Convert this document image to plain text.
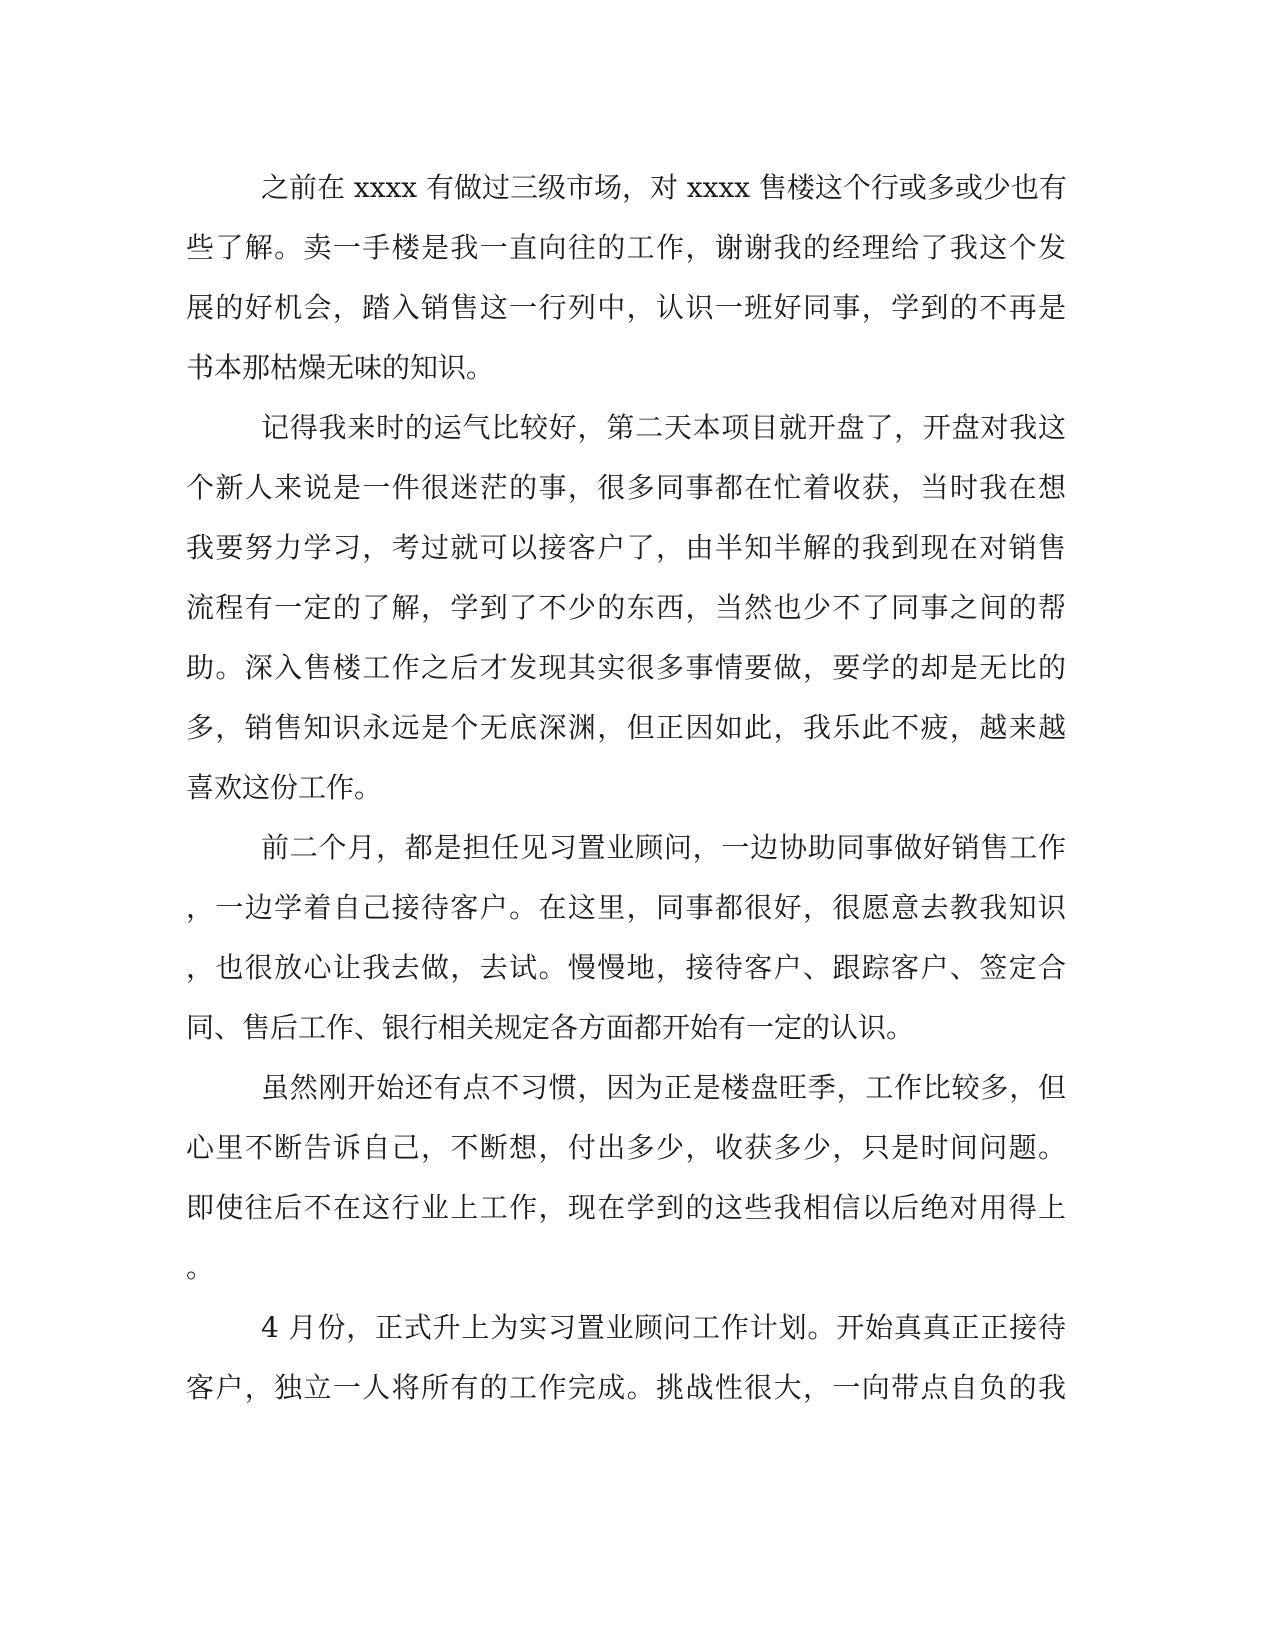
之前在 xxxx 有做过三级市场，对 xxxx 售楼这个行或多或少也有
些了解。卖一手楼是我一直向往的工作，谢谢我的经理给了我这个发
展的好机会，踏入销售这一行列中，认识一班好同事，学到的不再是
书本那枯燥无味的知识。
记得我来时的运气比较好，第二天本项目就开盘了，开盘对我这
个新人来说是一件很迷茫的事，很多同事都在忙着收获，当时我在想
我要努力学习，考过就可以接客户了，由半知半解的我到现在对销售
流程有一定的了解，学到了不少的东西，当然也少不了同事之间的帮
助。深入售楼工作之后才发现其实很多事情要做，要学的却是无比的
多，销售知识永远是个无底深渊，但正因如此，我乐此不疲，越来越
喜欢这份工作。
前二个月，都是担任见习置业顾问，一边协助同事做好销售工作
，一边学着自己接待客户。在这里，同事都很好，很愿意去教我知识
，也很放心让我去做，去试。慢慢地，接待客户、跟踪客户、签定合
同、售后工作、银行相关规定各方面都开始有一定的认识。
虽然刚开始还有点不习惯，因为正是楼盘旺季，工作比较多，但
心里不断告诉自己，不断想，付出多少，收获多少，只是时间问题。
即使往后不在这行业上工作，现在学到的这些我相信以后绝对用得上
。
4 月份，正式升上为实习置业顾问工作计划。开始真真正正接待
客户，独立一人将所有的工作完成。挑战性很大，一向带点自负的我
